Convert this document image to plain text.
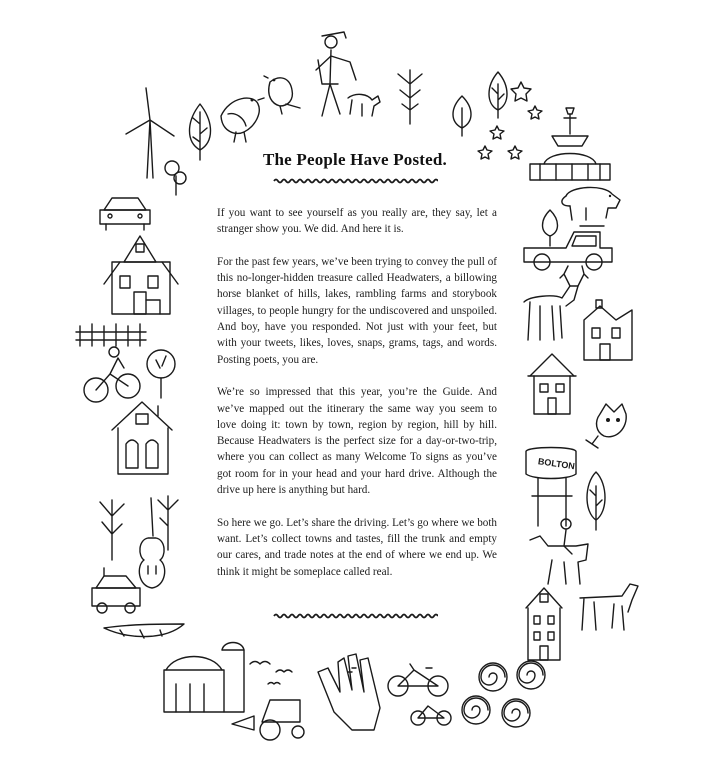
BOLTON
The People Have Posted.

If you want to see yourself as you really are, they say, let a stranger show you. We did. And here it is.

For the past few years, we’ve been trying to convey the pull of this no-longer-hidden treasure called Headwaters, a billowing horse blanket of hills, lakes, rambling farms and storybook villages, to people hungry for the undiscovered and unspoiled. And boy, have you responded. Not just with your feet, but with your tweets, likes, loves, snaps, grams, tags, and words. Posting poets, you are.

We’re so impressed that this year, you’re the Guide. And we’ve mapped out the itinerary the same way you seem to love doing it: town by town, region by region, hill by hill. Because Headwaters is the perfect size for a day-or-two-trip, where you can collect as many Welcome To signs as you’ve got room for in your head and your hard drive. Although the drive up here is anything but hard.

So here we go. Let’s share the driving. Let’s go where we both want. Let’s collect towns and tastes, fill the trunk and empty our cares, and trade notes at the end of where we end up. We think it might be someplace called real.
